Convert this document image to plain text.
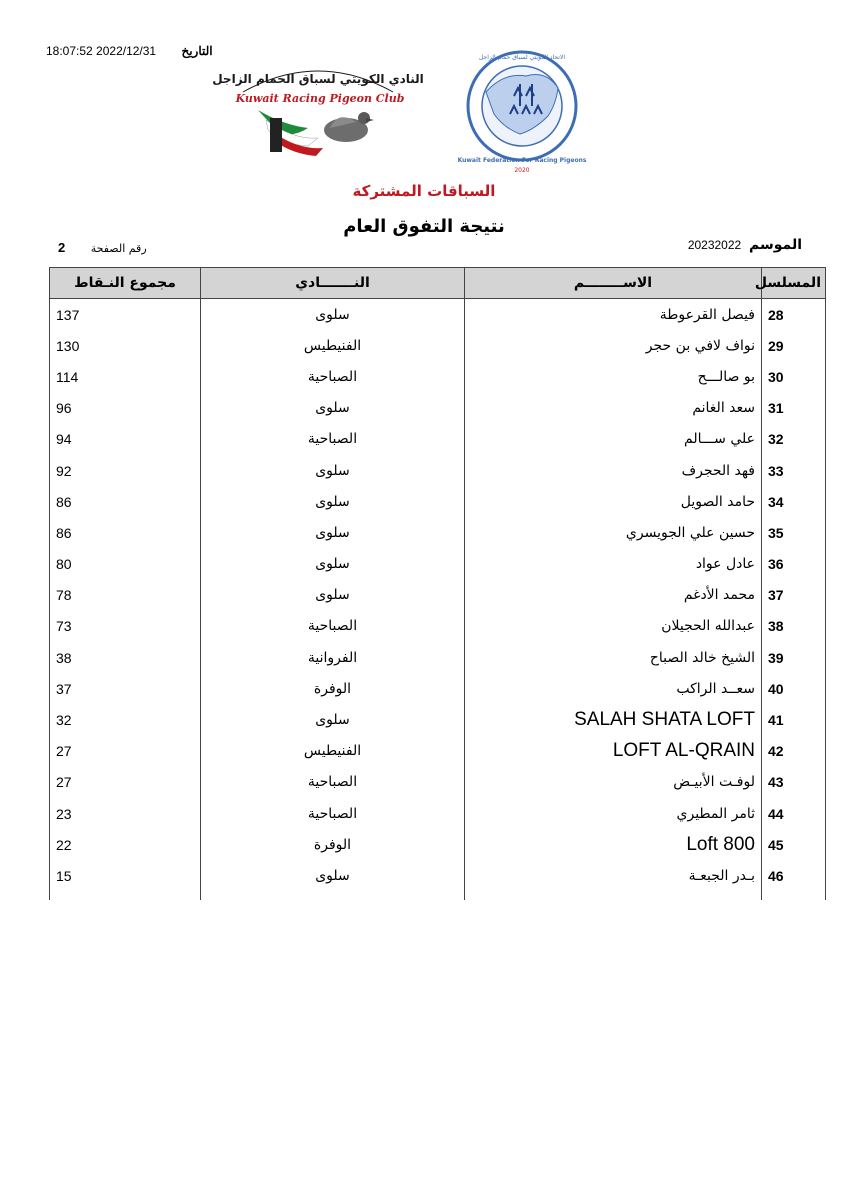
18:07:52 2022/12/31 التاريخ
النادي الكويتي لسباق الحمام الزاجل
Kuwait Racing Pigeon Club
Kuwait Federation For Racing Pigeons
الاتحاد الكويتي لسباق حمام الزاجل
2020
السباقات المشتركة
نتيجة التفوق العام
الموسم 20232022
رقم الصفحة 2
المسلسل	الاســــــــم	النـــــــادي	مجموع النـقاط
28	فيصل القرعوطة	سلوى	137
29	نواف لافي بن حجر	الفنيطيس	130
30	بو صالـــح	الصباحية	114
31	سعد الغانم	سلوى	96
32	علي ســـالم	الصباحية	94
33	فهد الحجرف	سلوى	92
34	حامد الصويل	سلوى	86
35	حسين علي الجويسري	سلوى	86
36	عادل عواد	سلوى	80
37	محمد الأدغم	سلوى	78
38	عبدالله الحجيلان	الصباحية	73
39	الشيخ خالد الصباح	الفروانية	38
40	سعــد الراكب	الوفرة	37
41	SALAH SHATA LOFT	سلوى	32
42	LOFT AL-QRAIN	الفنيطيس	27
43	لوفـت الأبيـض	الصباحية	27
44	ثامر المطيري	الصباحية	23
45	Loft 800	الوفرة	22
46	بـدر الجبعـة	سلوى	15
